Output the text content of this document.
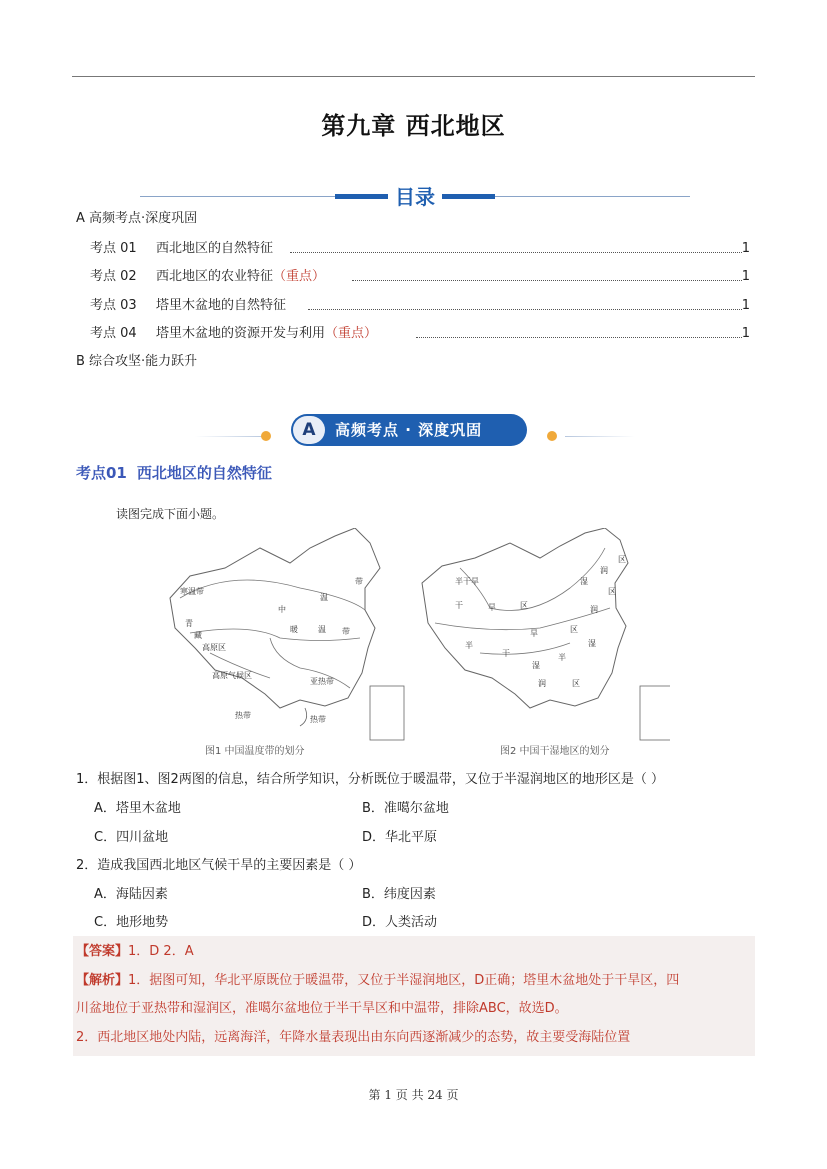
第九章 西北地区
目录
A 高频考点·深度巩固
考点 01 西北地区的自然特征	1
考点 02 西北地区的农业特征（重点）	1
考点 03 塔里木盆地的自然特征	1
考点 04 塔里木盆地的资源开发与利用（重点）	1
B 综合攻坚·能力跃升
A	高频考点 · 深度巩固
考点01 西北地区的自然特征
读图完成下面小题。
寒温带
青
藏
高原区
中
温
带
暖	温 带
亚热带
热带	热带
高原气候区
图1 中国温度带的划分
半干旱
干	旱	区
半
干
旱	区
湿
润
区
半
湿
润
湿
润	区
区
图2 中国干湿地区的划分
1．根据图1、图2两图的信息，结合所学知识，分析既位于暖温带，又位于半湿润地区的地形区是（ ）
A．塔里木盆地	B．准噶尔盆地
C．四川盆地	D．华北平原
2．造成我国西北地区气候干旱的主要因素是（ ）
A．海陆因素	B．纬度因素
C．地形地势	D．人类活动
【答案】1．D 2．A
【解析】1．据图可知，华北平原既位于暖温带，又位于半湿润地区，D正确；塔里木盆地处于干旱区，四
川盆地位于亚热带和湿润区，准噶尔盆地位于半干旱区和中温带，排除ABC，故选D。
2．西北地区地处内陆，远离海洋，年降水量表现出由东向西逐渐减少的态势，故主要受海陆位置
第 1 页 共 24 页
